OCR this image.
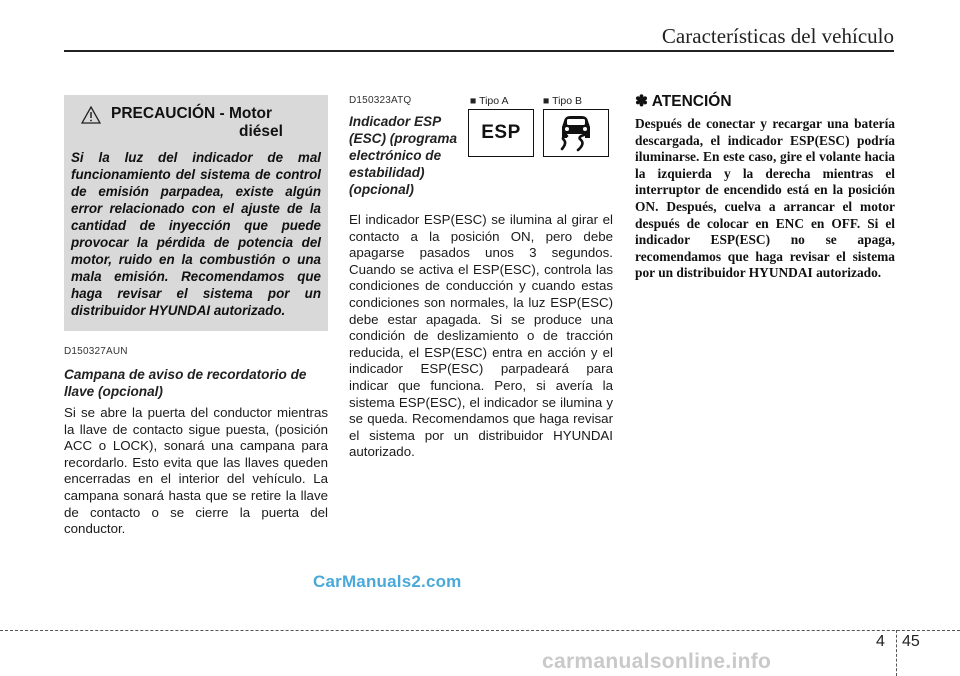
Características del vehículo
PRECAUCIÓN - Motor
diésel
Si la luz del indicador de mal funcionamiento del sistema de control de emisión parpadea, existe algún error relacionado con el ajuste de la cantidad de inyección que puede provocar la pérdida de potencia del motor, ruido en la combustión o una mala emisión. Recomendamos que haga revisar el sistema por un distribuidor HYUNDAI autorizado.
D150327AUN
Campana de aviso de recordatorio de llave (opcional)
Si se abre la puerta del conductor mientras la llave de contacto sigue puesta, (posición ACC o LOCK), sonará una campana para recordarlo. Esto evita que las llaves queden encerradas en el interior del vehículo. La campana sonará hasta que se retire la llave de contacto o se cierre la puerta del conductor.
D150323ATQ
Indicador ESP (ESC) (programa electrónico de estabilidad) (opcional)
El indicador ESP(ESC) se ilumina al girar el contacto a la posición ON, pero debe apagarse pasados unos 3 segundos. Cuando se activa el ESP(ESC), controla las condiciones de conducción y cuando estas condiciones son normales, la luz ESP(ESC) debe estar apagada. Si se produce una condición de deslizamiento o de tracción reducida, el ESP(ESC) entra en acción y el indicador ESP(ESC) parpadeará para indicar que funciona. Pero, si avería la sistema ESP(ESC), el indicador se ilumina y se queda. Recomendamos que haga revisar el sistema por un distribuidor HYUNDAI autorizado.
■ Tipo A	■ Tipo B
ESP
✽ ATENCIÓN
Después de conectar y recargar una batería descargada, el indicador ESP(ESC) podría iluminarse. En este caso, gire el volante hacia la izquierda y la derecha mientras el interruptor de encendido está en la posición ON. Después, cuelva a arrancar el motor después de colocar en ENC en OFF. Si el indicador ESP(ESC) no se apaga, recomendamos que haga revisar el sistema por un distribuidor HYUNDAI autorizado.
CarManuals2.com
4 45
carmanualsonline.info
